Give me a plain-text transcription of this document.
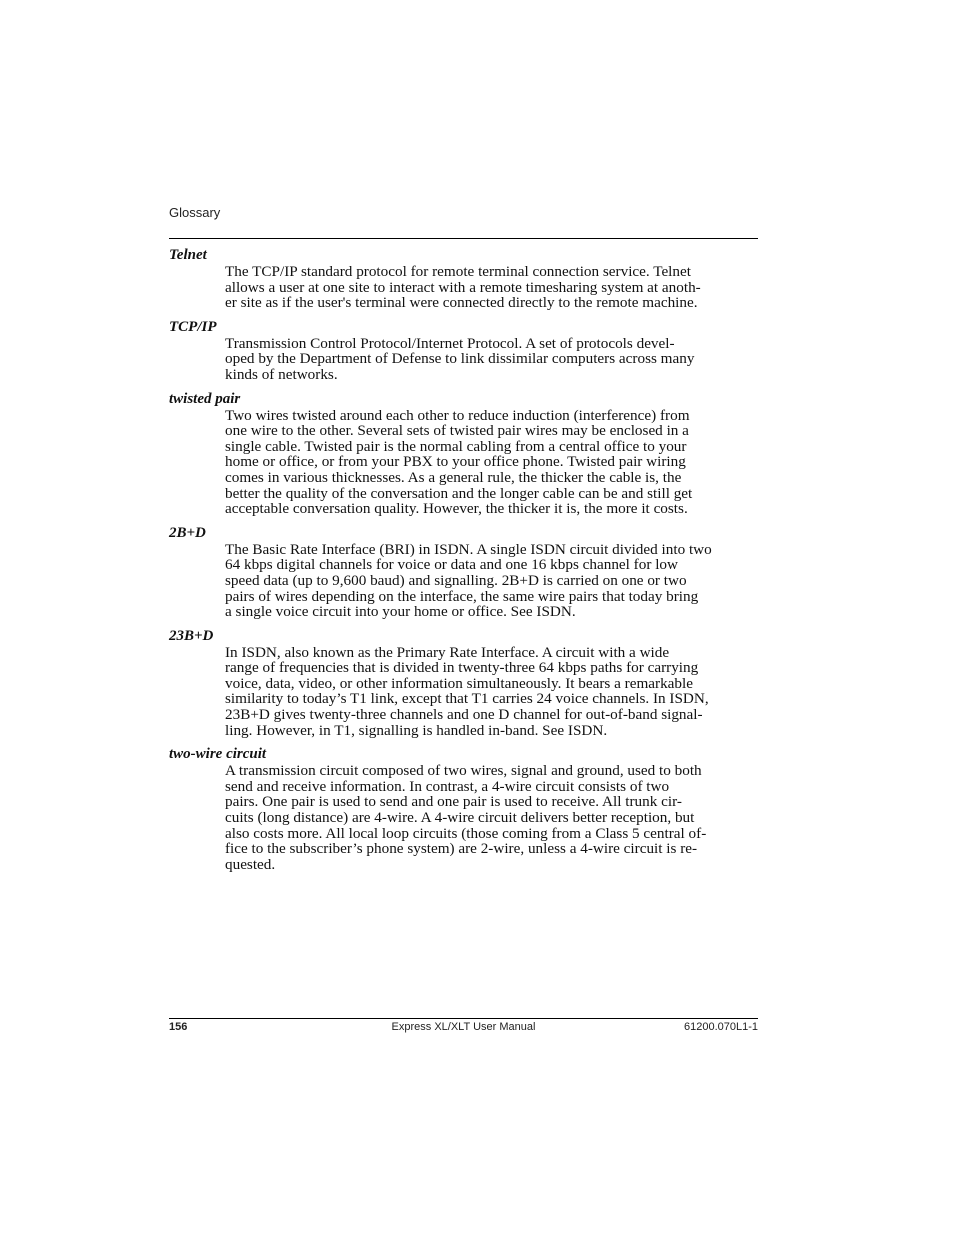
Glossary
Telnet
The TCP/IP standard protocol for remote terminal connection service. Telnet
allows a user at one site to interact with a remote timesharing system at anoth-
er site as if the user's terminal were connected directly to the remote machine.
TCP/IP
Transmission Control Protocol/Internet Protocol. A set of protocols devel-
oped by the Department of Defense to link dissimilar computers across many
kinds of networks.
twisted pair
Two wires twisted around each other to reduce induction (interference) from
one wire to the other. Several sets of twisted pair wires may be enclosed in a
single cable. Twisted pair is the normal cabling from a central office to your
home or office, or from your PBX to your office phone. Twisted pair wiring
comes in various thicknesses. As a general rule, the thicker the cable is, the
better the quality of the conversation and the longer cable can be and still get
acceptable conversation quality. However, the thicker it is, the more it costs.
2B+D
The Basic Rate Interface (BRI) in ISDN. A single ISDN circuit divided into two
64 kbps digital channels for voice or data and one 16 kbps channel for low
speed data (up to 9,600 baud) and signalling. 2B+D is carried on one or two
pairs of wires depending on the interface, the same wire pairs that today bring
a single voice circuit into your home or office. See ISDN.
23B+D
In ISDN, also known as the Primary Rate Interface. A circuit with a wide
range of frequencies that is divided in twenty-three 64 kbps paths for carrying
voice, data, video, or other information simultaneously. It bears a remarkable
similarity to today’s T1 link, except that T1 carries 24 voice channels. In ISDN,
23B+D gives twenty-three channels and one D channel for out-of-band signal-
ling. However, in T1, signalling is handled in-band. See ISDN.
two-wire circuit
A transmission circuit composed of two wires, signal and ground, used to both
send and receive information. In contrast, a 4-wire circuit consists of two
pairs. One pair is used to send and one pair is used to receive. All trunk cir-
cuits (long distance) are 4-wire. A 4-wire circuit delivers better reception, but
also costs more. All local loop circuits (those coming from a Class 5 central of-
fice to the subscriber’s phone system) are 2-wire, unless a 4-wire circuit is re-
quested.
156	Express XL/XLT User Manual	61200.070L1-1
